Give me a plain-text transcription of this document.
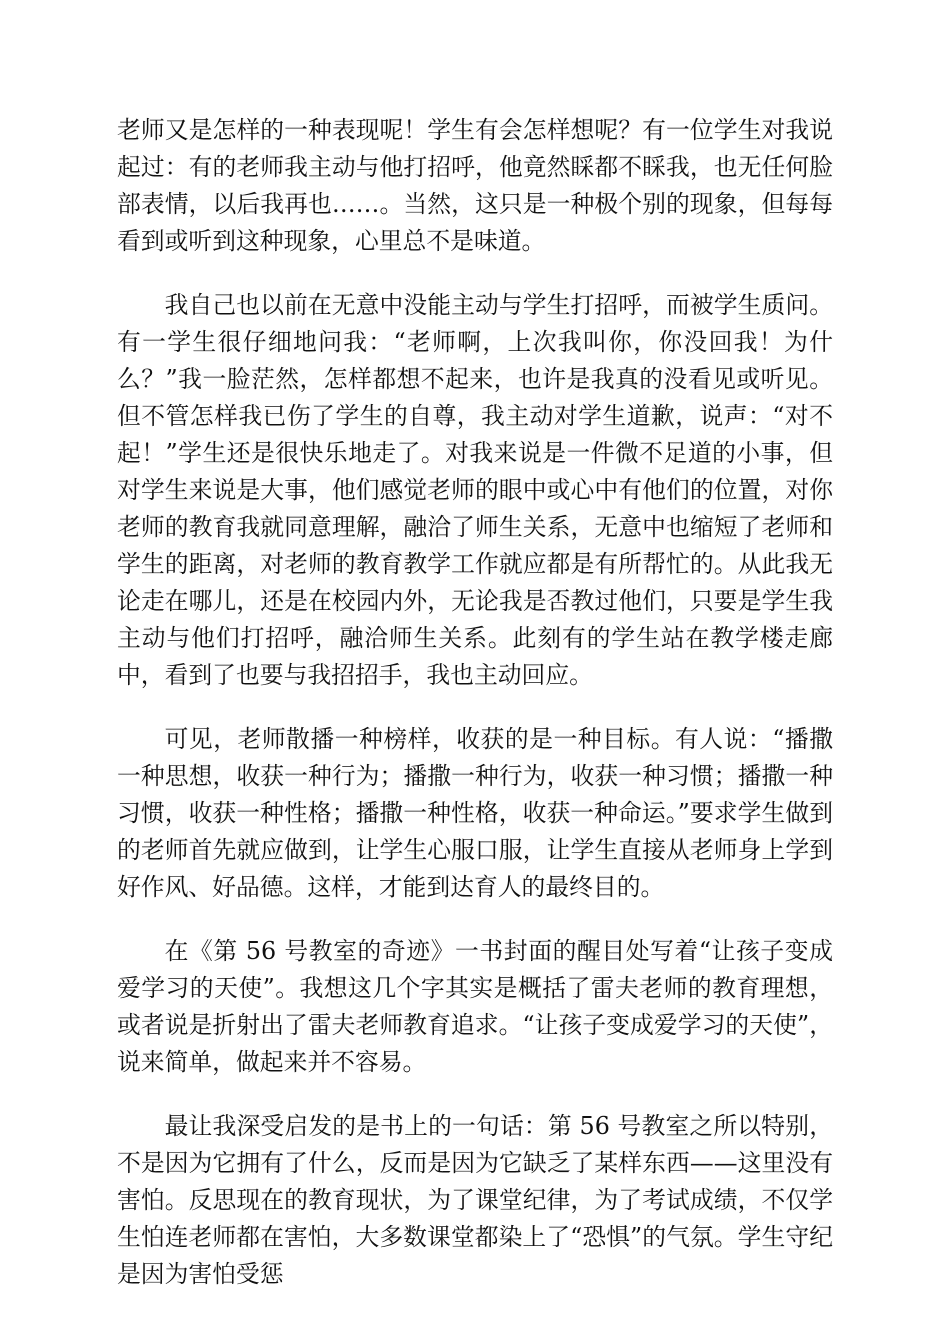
老师又是怎样的一种表现呢！学生有会怎样想呢？有一位学生对我说起过：有的老师我主动与他打招呼，他竟然睬都不睬我，也无任何脸部表情，以后我再也……。当然，这只是一种极个别的现象，但每每看到或听到这种现象，心里总不是味道。

我自己也以前在无意中没能主动与学生打招呼，而被学生质问。有一学生很仔细地问我：“老师啊，上次我叫你，你没回我！为什么？”我一脸茫然，怎样都想不起来，也许是我真的没看见或听见。但不管怎样我已伤了学生的自尊，我主动对学生道歉，说声：“对不起！”学生还是很快乐地走了。对我来说是一件微不足道的小事，但对学生来说是大事，他们感觉老师的眼中或心中有他们的位置，对你老师的教育我就同意理解，融洽了师生关系，无意中也缩短了老师和学生的距离，对老师的教育教学工作就应都是有所帮忙的。从此我无论走在哪儿，还是在校园内外，无论我是否教过他们，只要是学生我主动与他们打招呼，融洽师生关系。此刻有的学生站在教学楼走廊中，看到了也要与我招招手，我也主动回应。

可见，老师散播一种榜样，收获的是一种目标。有人说：“播撒一种思想，收获一种行为；播撒一种行为，收获一种习惯；播撒一种习惯，收获一种性格；播撒一种性格，收获一种命运。”要求学生做到的老师首先就应做到，让学生心服口服，让学生直接从老师身上学到好作风、好品德。这样，才能到达育人的最终目的。

在《第 56 号教室的奇迹》一书封面的醒目处写着“让孩子变成爱学习的天使”。我想这几个字其实是概括了雷夫老师的教育理想，或者说是折射出了雷夫老师教育追求。“让孩子变成爱学习的天使”，说来简单，做起来并不容易。

最让我深受启发的是书上的一句话：第 56 号教室之所以特别，不是因为它拥有了什么，反而是因为它缺乏了某样东西——这里没有害怕。反思现在的教育现状，为了课堂纪律，为了考试成绩，不仅学生怕连老师都在害怕，大多数课堂都染上了“恐惧”的气氛。学生守纪是因为害怕受惩
